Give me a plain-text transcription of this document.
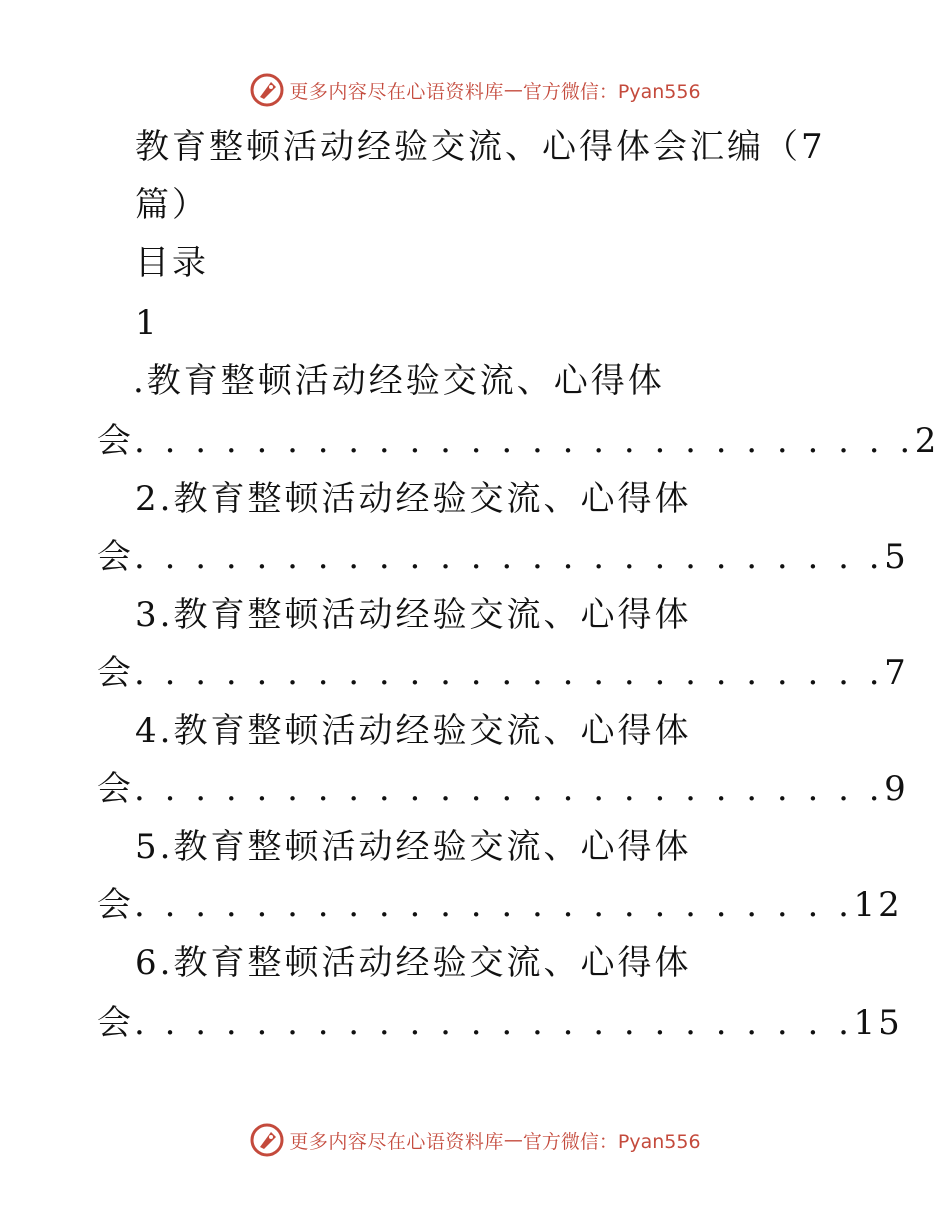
更多内容尽在心语资料库 — 官方微信：Pyan556
教育整顿活动经验交流、心得体会汇编（7
篇）
目录
1
.教育整顿活动经验交流、心得体
会. . . . . . . . . . . . . . . . . . . . . . . . . .2
2.教育整顿活动经验交流、心得体
会. . . . . . . . . . . . . . . . . . . . . . . . .5
3.教育整顿活动经验交流、心得体
会. . . . . . . . . . . . . . . . . . . . . . . . .7
4.教育整顿活动经验交流、心得体
会. . . . . . . . . . . . . . . . . . . . . . . . .9
5.教育整顿活动经验交流、心得体
会. . . . . . . . . . . . . . . . . . . . . . . .12
6.教育整顿活动经验交流、心得体
会. . . . . . . . . . . . . . . . . . . . . . . .15
更多内容尽在心语资料库 — 官方微信：Pyan556
